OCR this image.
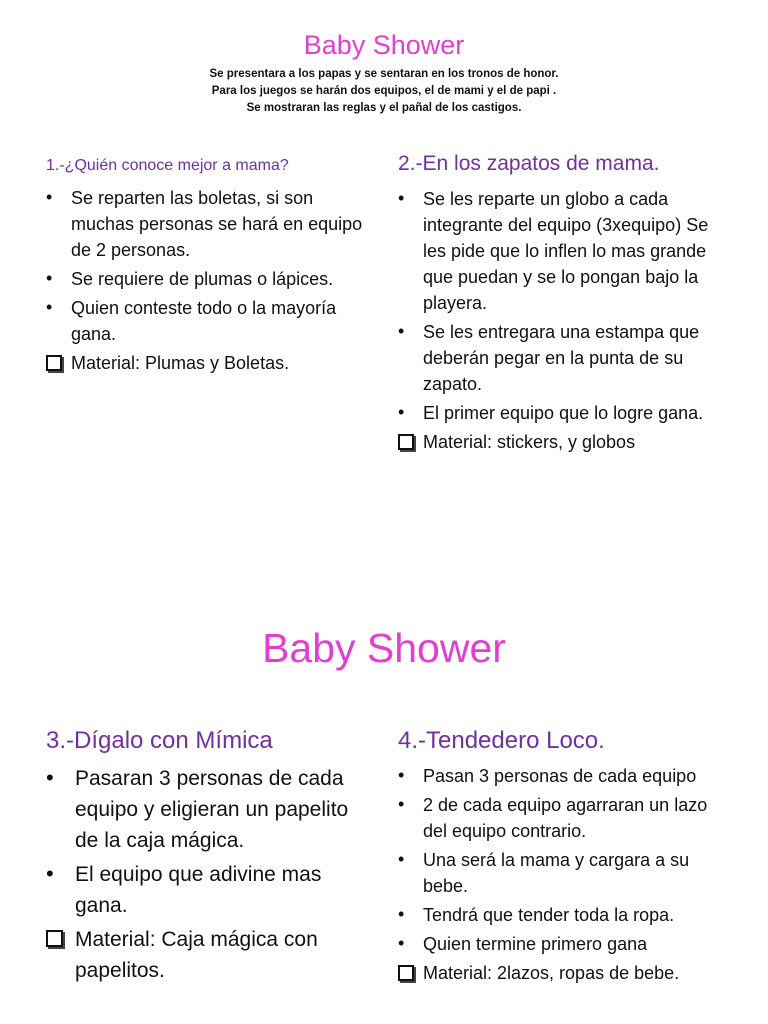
Baby Shower
Se presentara a los papas y se sentaran en los tronos de honor.
Para los juegos se harán dos equipos, el de mami y el de papi .
Se mostraran las reglas y el pañal de los castigos.
1.-¿Quién conoce mejor a mama?
• Se reparten las boletas, si son muchas personas se hará en equipo de 2 personas.
• Se requiere de plumas o lápices.
• Quien conteste todo o la mayoría gana.
Material: Plumas y Boletas.
2.-En los zapatos de mama.
• Se les reparte un globo a cada integrante del equipo (3xequipo) Se les pide que lo inflen lo mas grande que puedan y se lo pongan bajo la playera.
• Se les entregara una estampa que deberán pegar en la punta de su zapato.
• El primer equipo que lo logre gana.
Material: stickers, y globos
Baby Shower
3.-Dígalo con Mímica
• Pasaran 3 personas de cada equipo y eligieran un papelito de la caja mágica.
• El equipo que adivine mas gana.
Material: Caja mágica con papelitos.
4.-Tendedero Loco.
• Pasan 3 personas de cada equipo
• 2 de cada equipo agarraran un lazo del equipo contrario.
• Una será la mama y cargara a su bebe.
• Tendrá que tender toda la ropa.
• Quien termine primero gana
Material: 2lazos, ropas de bebe.
